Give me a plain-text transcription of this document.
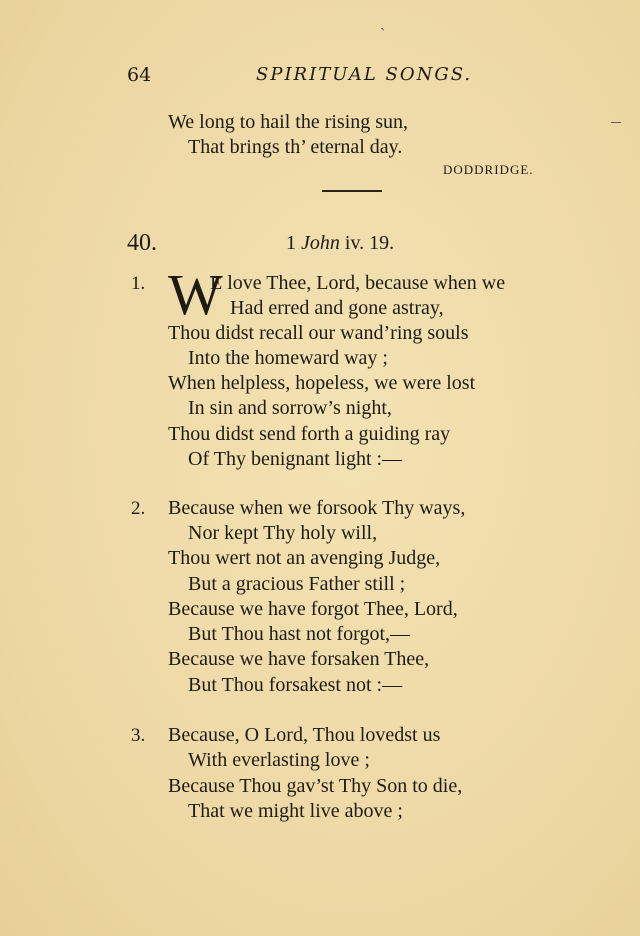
ˎ
64	SPIRITUAL SONGS.
We long to hail the rising sun,
That brings th’ eternal day.
DODDRIDGE.
40.	1 John iv. 19.
1. W
E love Thee, Lord, because when we
Had erred and gone astray,
Thou didst recall our wand’ring souls
Into the homeward way ;
When helpless, hopeless, we were lost
In sin and sorrow’s night,
Thou didst send forth a guiding ray
Of Thy benignant light :—
2. Because when we forsook Thy ways,
Nor kept Thy holy will,
Thou wert not an avenging Judge,
But a gracious Father still ;
Because we have forgot Thee, Lord,
But Thou hast not forgot,—
Because we have forsaken Thee,
But Thou forsakest not :—
3. Because, O Lord, Thou lovedst us
With everlasting love ;
Because Thou gav’st Thy Son to die,
That we might live above ;
